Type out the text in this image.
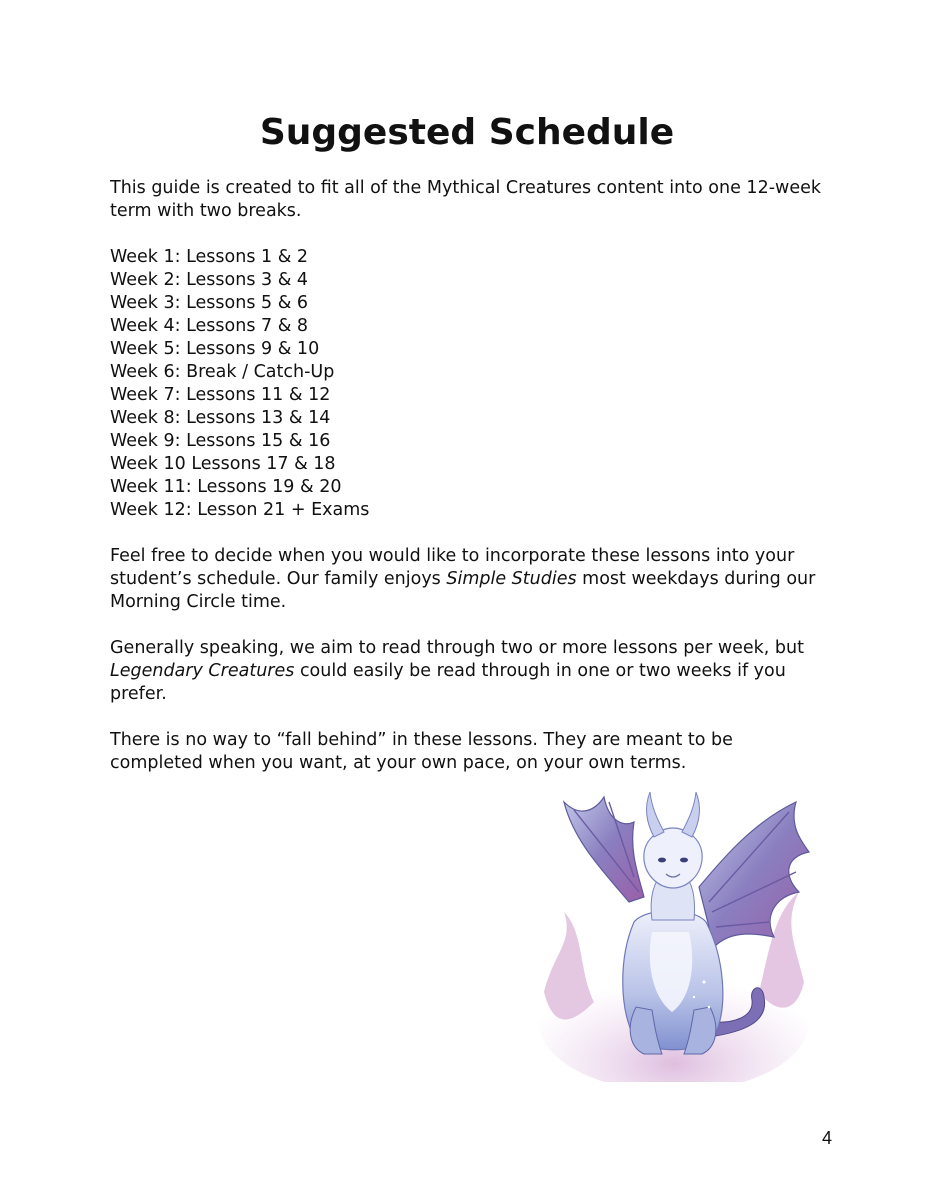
Suggested Schedule

This guide is created to fit all of the Mythical Creatures content into one 12-week term with two breaks.

Week 1: Lessons 1 & 2
Week 2: Lessons 3 & 4
Week 3: Lessons 5 & 6
Week 4: Lessons 7 & 8
Week 5: Lessons 9 & 10
Week 6: Break / Catch-Up
Week 7: Lessons 11 & 12
Week 8: Lessons 13 & 14
Week 9: Lessons 15 & 16
Week 10 Lessons 17 & 18
Week 11: Lessons 19 & 20
Week 12: Lesson 21 + Exams

Feel free to decide when you would like to incorporate these lessons into your student’s schedule. Our family enjoys Simple Studies most weekdays during our Morning Circle time.

Generally speaking, we aim to read through two or more lessons per week, but Legendary Creatures could easily be read through in one or two weeks if you prefer.

There is no way to “fall behind” in these lessons. They are meant to be completed when you want, at your own pace, on your own terms.

4
